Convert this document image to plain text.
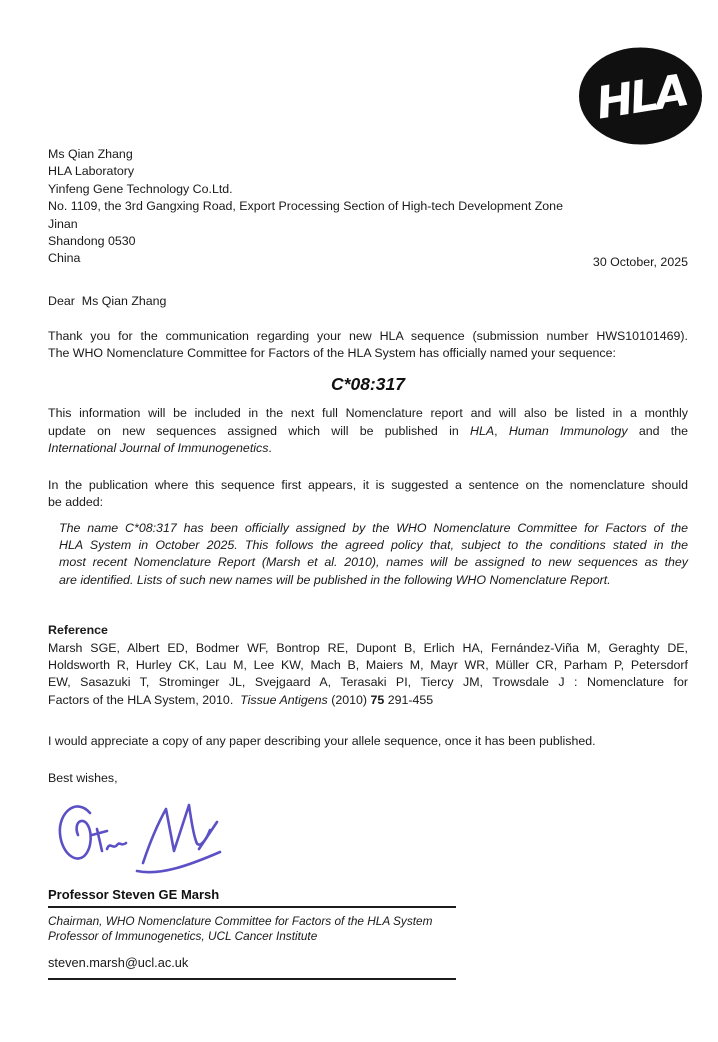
HLA
Ms Qian Zhang
HLA Laboratory
Yinfeng Gene Technology Co.Ltd.
No. 1109, the 3rd Gangxing Road, Export Processing Section of High-tech Development Zone
Jinan
Shandong 0530
China	30 October, 2025
Dear  Ms Qian Zhang
Thank you for the communication regarding your new HLA sequence (submission number HWS10101469).
The WHO Nomenclature Committee for Factors of the HLA System has officially named your sequence:
C*08:317
This information will be included in the next full Nomenclature report and will also be listed in a monthly
update on new sequences assigned which will be published in HLA, Human Immunology and the
International Journal of Immunogenetics.
In the publication where this sequence first appears, it is suggested a sentence on the nomenclature should
be added:
The name C*08:317 has been officially assigned by the WHO Nomenclature Committee for Factors of the
HLA System in October 2025. This follows the agreed policy that, subject to the conditions stated in the
most recent Nomenclature Report (Marsh et al. 2010), names will be assigned to new sequences as they
are identified. Lists of such new names will be published in the following WHO Nomenclature Report.
Reference
Marsh SGE, Albert ED, Bodmer WF, Bontrop RE, Dupont B, Erlich HA, Fernández-Viña M, Geraghty DE,
Holdsworth R, Hurley CK, Lau M, Lee KW, Mach B, Maiers M, Mayr WR, Müller CR, Parham P, Petersdorf
EW, Sasazuki T, Strominger JL, Svejgaard A, Terasaki PI, Tiercy JM, Trowsdale J : Nomenclature for
Factors of the HLA System, 2010.  Tissue Antigens (2010) 75 291-455
I would appreciate a copy of any paper describing your allele sequence, once it has been published.
Best wishes,
Professor Steven GE Marsh
Chairman, WHO Nomenclature Committee for Factors of the HLA System
Professor of Immunogenetics, UCL Cancer Institute
steven.marsh@ucl.ac.uk
